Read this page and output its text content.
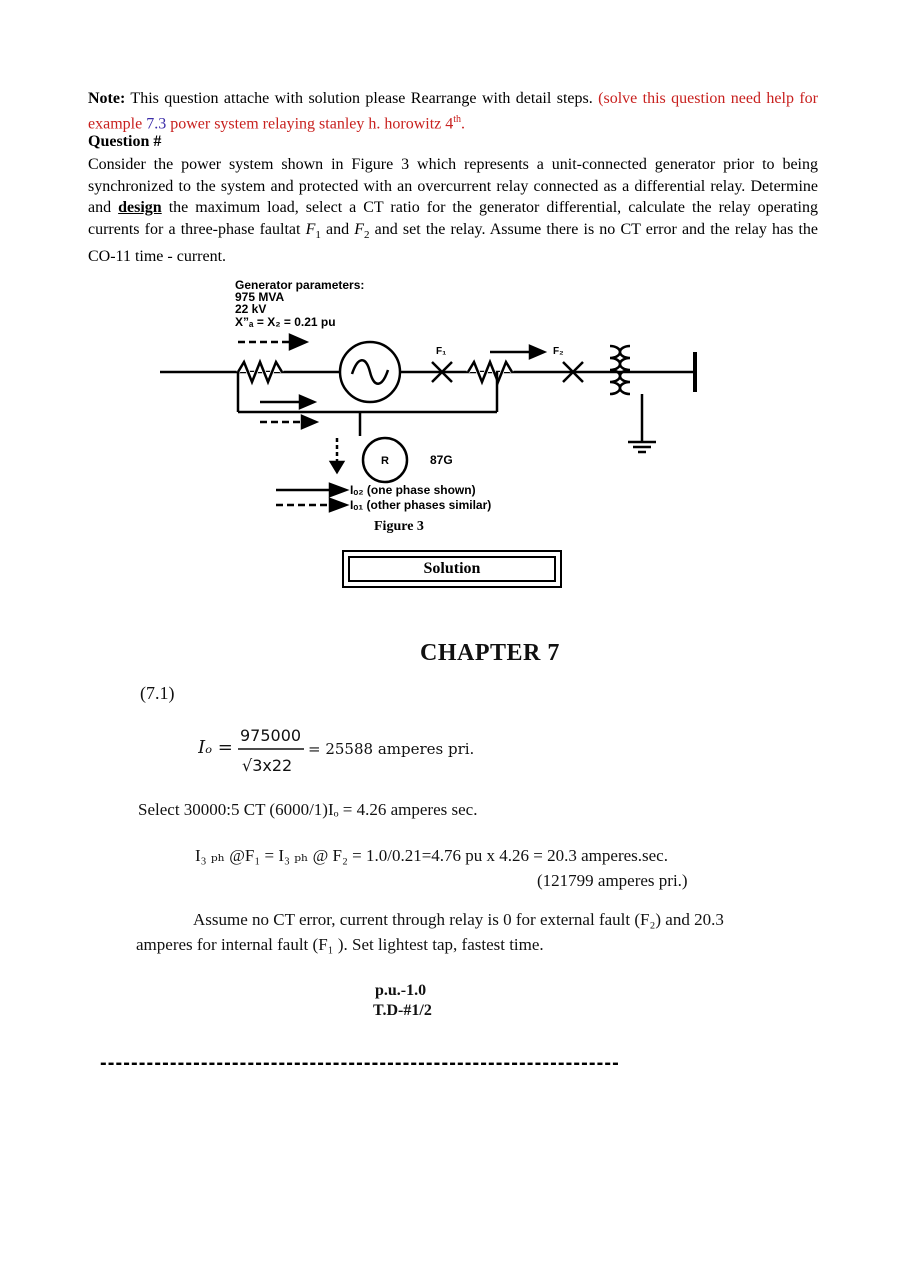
Note: This question attache with solution please Rearrange with detail steps. (solve this question need help for example 7.3 power system relaying stanley h. horowitz 4th.
Question #
Consider the power system shown in Figure 3 which represents a unit-connected generator prior to being synchronized to the system and protected with an overcurrent relay connected as a differential relay. Determine and design the maximum load, select a CT ratio for the generator differential, calculate the relay operating currents for a three-phase faultat $F_1$ and $F_2$ and set the relay. Assume there is no CT error and the relay has the CO-11 time - current.
Generator parameters:
975 MVA
22 kV
X”ₐ = X₂ = 0.21 pu
F₁	F₂
R	87G
Iₒ₂ (one phase shown)
Iₒ₁ (other phases similar)
Figure 3
Solution
CHAPTER 7
(7.1)
Iₒ =
975000
√3x22
= 25588 amperes pri.
Select 30000:5 CT (6000/1)Iₒ = 4.26 amperes sec.
I₃ ₚₕ @F₁ = I₃ ₚₕ @ F₂ = 1.0/0.21=4.76 pu x 4.26 = 20.3 amperes.sec.
(121799 amperes pri.)
Assume no CT error, current through relay is 0 for external fault (F₂) and 20.3
amperes for internal fault (F₁ ). Set lightest tap, fastest time.
p.u.-1.0
T.D-#1/2
-------------------------------------------------------------------
